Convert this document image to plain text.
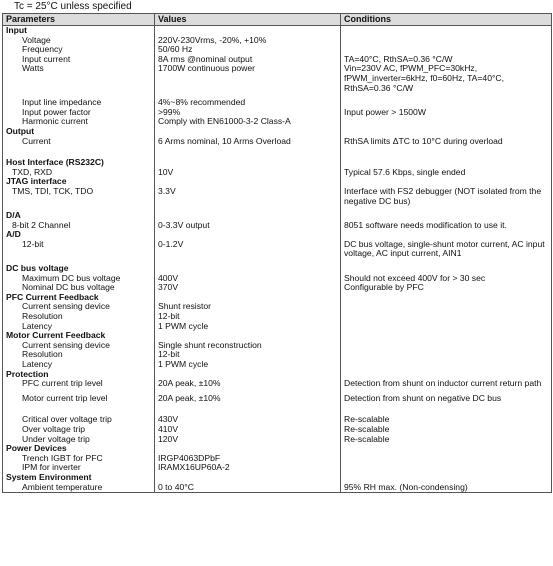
Tc = 25°C unless specified
Parameters	Values	Conditions
Input		
Voltage	220V-230Vrms, -20%, +10%	
Frequency	50/60 Hz	
Input current	8A rms @nominal output	TA=40°C, RthSA=0.36 °C/W
Watts	1700W continuous power	Vin=230V AC, fPWM_PFC=30kHz, fPWM_inverter=6kHz, f0=60Hz, TA=40°C, RthSA=0.36 °C/W

Input line impedance	4%~8% recommended	
Input power factor	>99%	Input power > 1500W
Harmonic current	Comply with EN61000-3-2 Class-A	
Output		
Current	6 Arms nominal, 10 Arms Overload	RthSA limits ΔTC to 10°C during overload

Host Interface (RS232C)		
TXD, RXD	10V	Typical 57.6 Kbps, single ended
JTAG interface		
TMS, TDI, TCK, TDO	3.3V	Interface with FS2 debugger (NOT isolated from the negative DC bus)

D/A		
8-bit 2 Channel	0-3.3V output	8051 software needs modification to use it.
A/D		
12-bit	0-1.2V	DC bus voltage, single-shunt motor current, AC input voltage, AC input current, AIN1

DC bus voltage		
Maximum DC bus voltage	400V	Should not exceed 400V for > 30 sec
Nominal DC bus voltage	370V	Configurable by PFC
PFC Current Feedback		
Current sensing device	Shunt resistor	
Resolution	12-bit	
Latency	1 PWM cycle	
Motor Current Feedback		
Current sensing device	Single shunt reconstruction	
Resolution	12-bit	
Latency	1 PWM cycle	
Protection		
PFC current trip level	20A peak, ±10%	Detection from shunt on inductor current return path

Motor current trip level	20A peak, ±10%	Detection from shunt on negative DC bus

Critical over voltage trip	430V	Re-scalable
Over voltage trip	410V	Re-scalable
Under voltage trip	120V	Re-scalable
Power Devices		
Trench IGBT for PFC	IRGP4063DPbF	
IPM for inverter	IRAMX16UP60A-2	
System Environment		
Ambient temperature	0 to 40°C	95% RH max. (Non-condensing)
